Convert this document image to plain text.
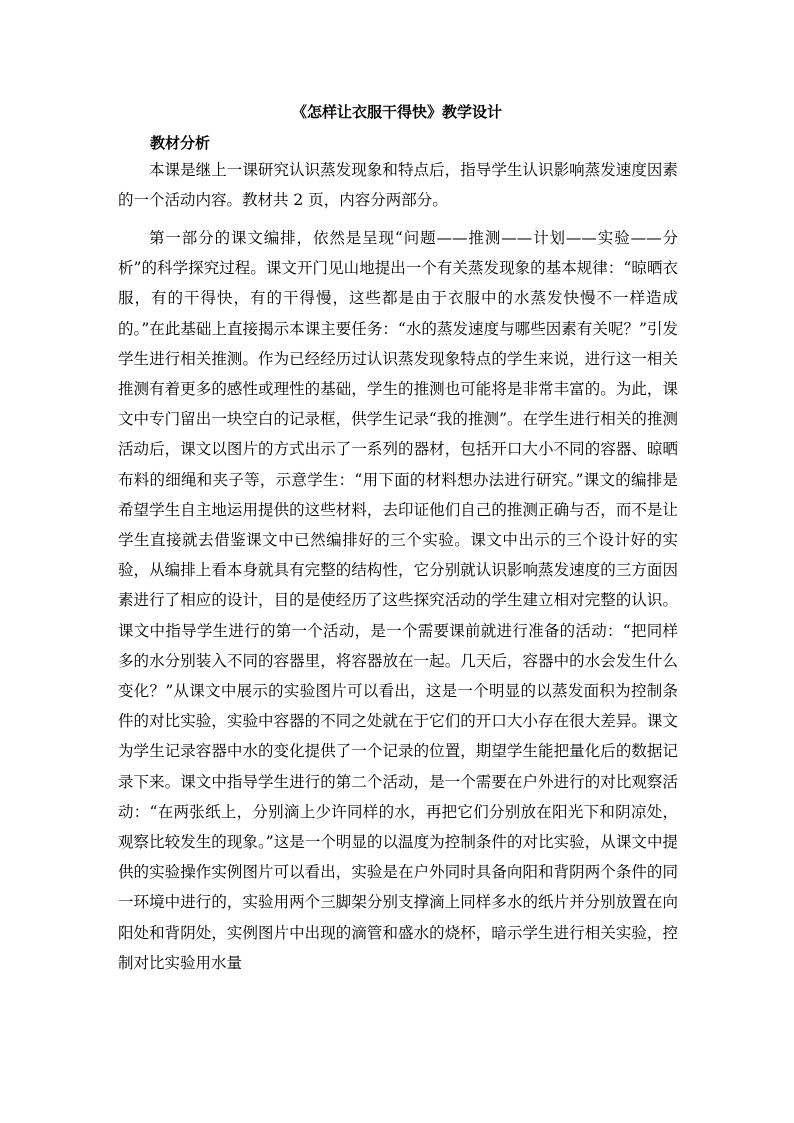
《怎样让衣服干得快》教学设计
教材分析

本课是继上一课研究认识蒸发现象和特点后，指导学生认识影响蒸发速度因素的一个活动内容。教材共 2 页，内容分两部分。

第一部分的课文编排，依然是呈现“问题——推测——计划——实验——分析”的科学探究过程。课文开门见山地提出一个有关蒸发现象的基本规律：“晾晒衣服，有的干得快，有的干得慢，这些都是由于衣服中的水蒸发快慢不一样造成的。”在此基础上直接揭示本课主要任务：“水的蒸发速度与哪些因素有关呢？”引发学生进行相关推测。作为已经经历过认识蒸发现象特点的学生来说，进行这一相关推测有着更多的感性或理性的基础，学生的推测也可能将是非常丰富的。为此，课文中专门留出一块空白的记录框，供学生记录“我的推测”。在学生进行相关的推测活动后，课文以图片的方式出示了一系列的器材，包括开口大小不同的容器、晾晒布料的细绳和夹子等，示意学生：“用下面的材料想办法进行研究。”课文的编排是希望学生自主地运用提供的这些材料，去印证他们自己的推测正确与否，而不是让学生直接就去借鉴课文中已然编排好的三个实验。课文中出示的三个设计好的实验，从编排上看本身就具有完整的结构性，它分别就认识影响蒸发速度的三方面因素进行了相应的设计，目的是使经历了这些探究活动的学生建立相对完整的认识。课文中指导学生进行的第一个活动，是一个需要课前就进行准备的活动：“把同样多的水分别装入不同的容器里，将容器放在一起。几天后，容器中的水会发生什么变化？”从课文中展示的实验图片可以看出，这是一个明显的以蒸发面积为控制条件的对比实验，实验中容器的不同之处就在于它们的开口大小存在很大差异。课文为学生记录容器中水的变化提供了一个记录的位置，期望学生能把量化后的数据记录下来。课文中指导学生进行的第二个活动，是一个需要在户外进行的对比观察活动：“在两张纸上，分别滴上少许同样的水，再把它们分别放在阳光下和阴凉处，观察比较发生的现象。”这是一个明显的以温度为控制条件的对比实验，从课文中提供的实验操作实例图片可以看出，实验是在户外同时具备向阳和背阴两个条件的同一环境中进行的，实验用两个三脚架分别支撑滴上同样多水的纸片并分别放置在向阳处和背阴处，实例图片中出现的滴管和盛水的烧杯，暗示学生进行相关实验，控制对比实验用水量
